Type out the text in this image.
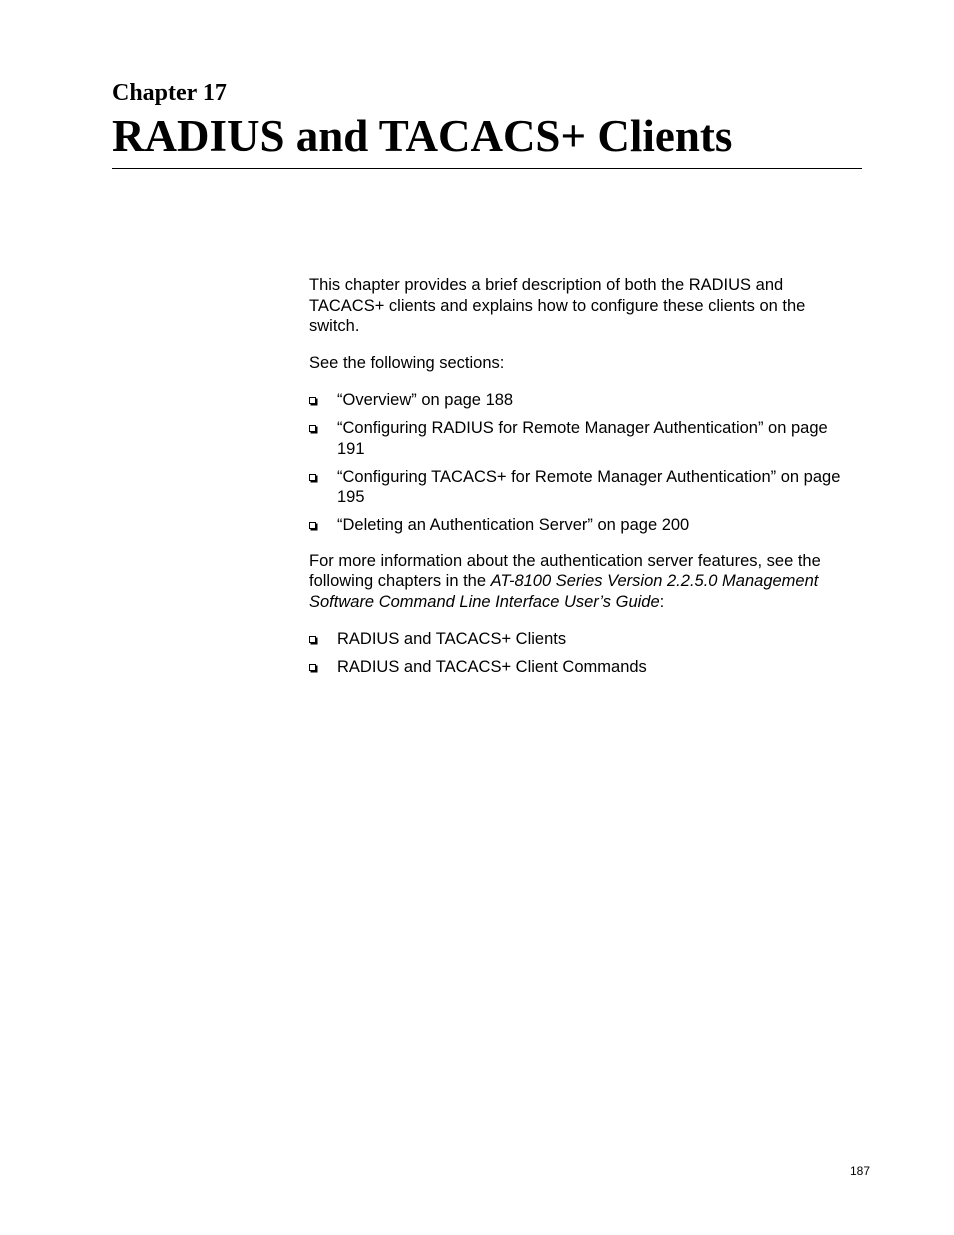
Chapter 17
RADIUS and TACACS+ Clients

This chapter provides a brief description of both the RADIUS and TACACS+ clients and explains how to configure these clients on the switch.

See the following sections:

“Overview” on page 188
“Configuring RADIUS for Remote Manager Authentication” on page 191
“Configuring TACACS+ for Remote Manager Authentication” on page 195
“Deleting an Authentication Server” on page 200

For more information about the authentication server features, see the following chapters in the AT-8100 Series Version 2.2.5.0 Management Software Command Line Interface User’s Guide:

RADIUS and TACACS+ Clients
RADIUS and TACACS+ Client Commands

187
